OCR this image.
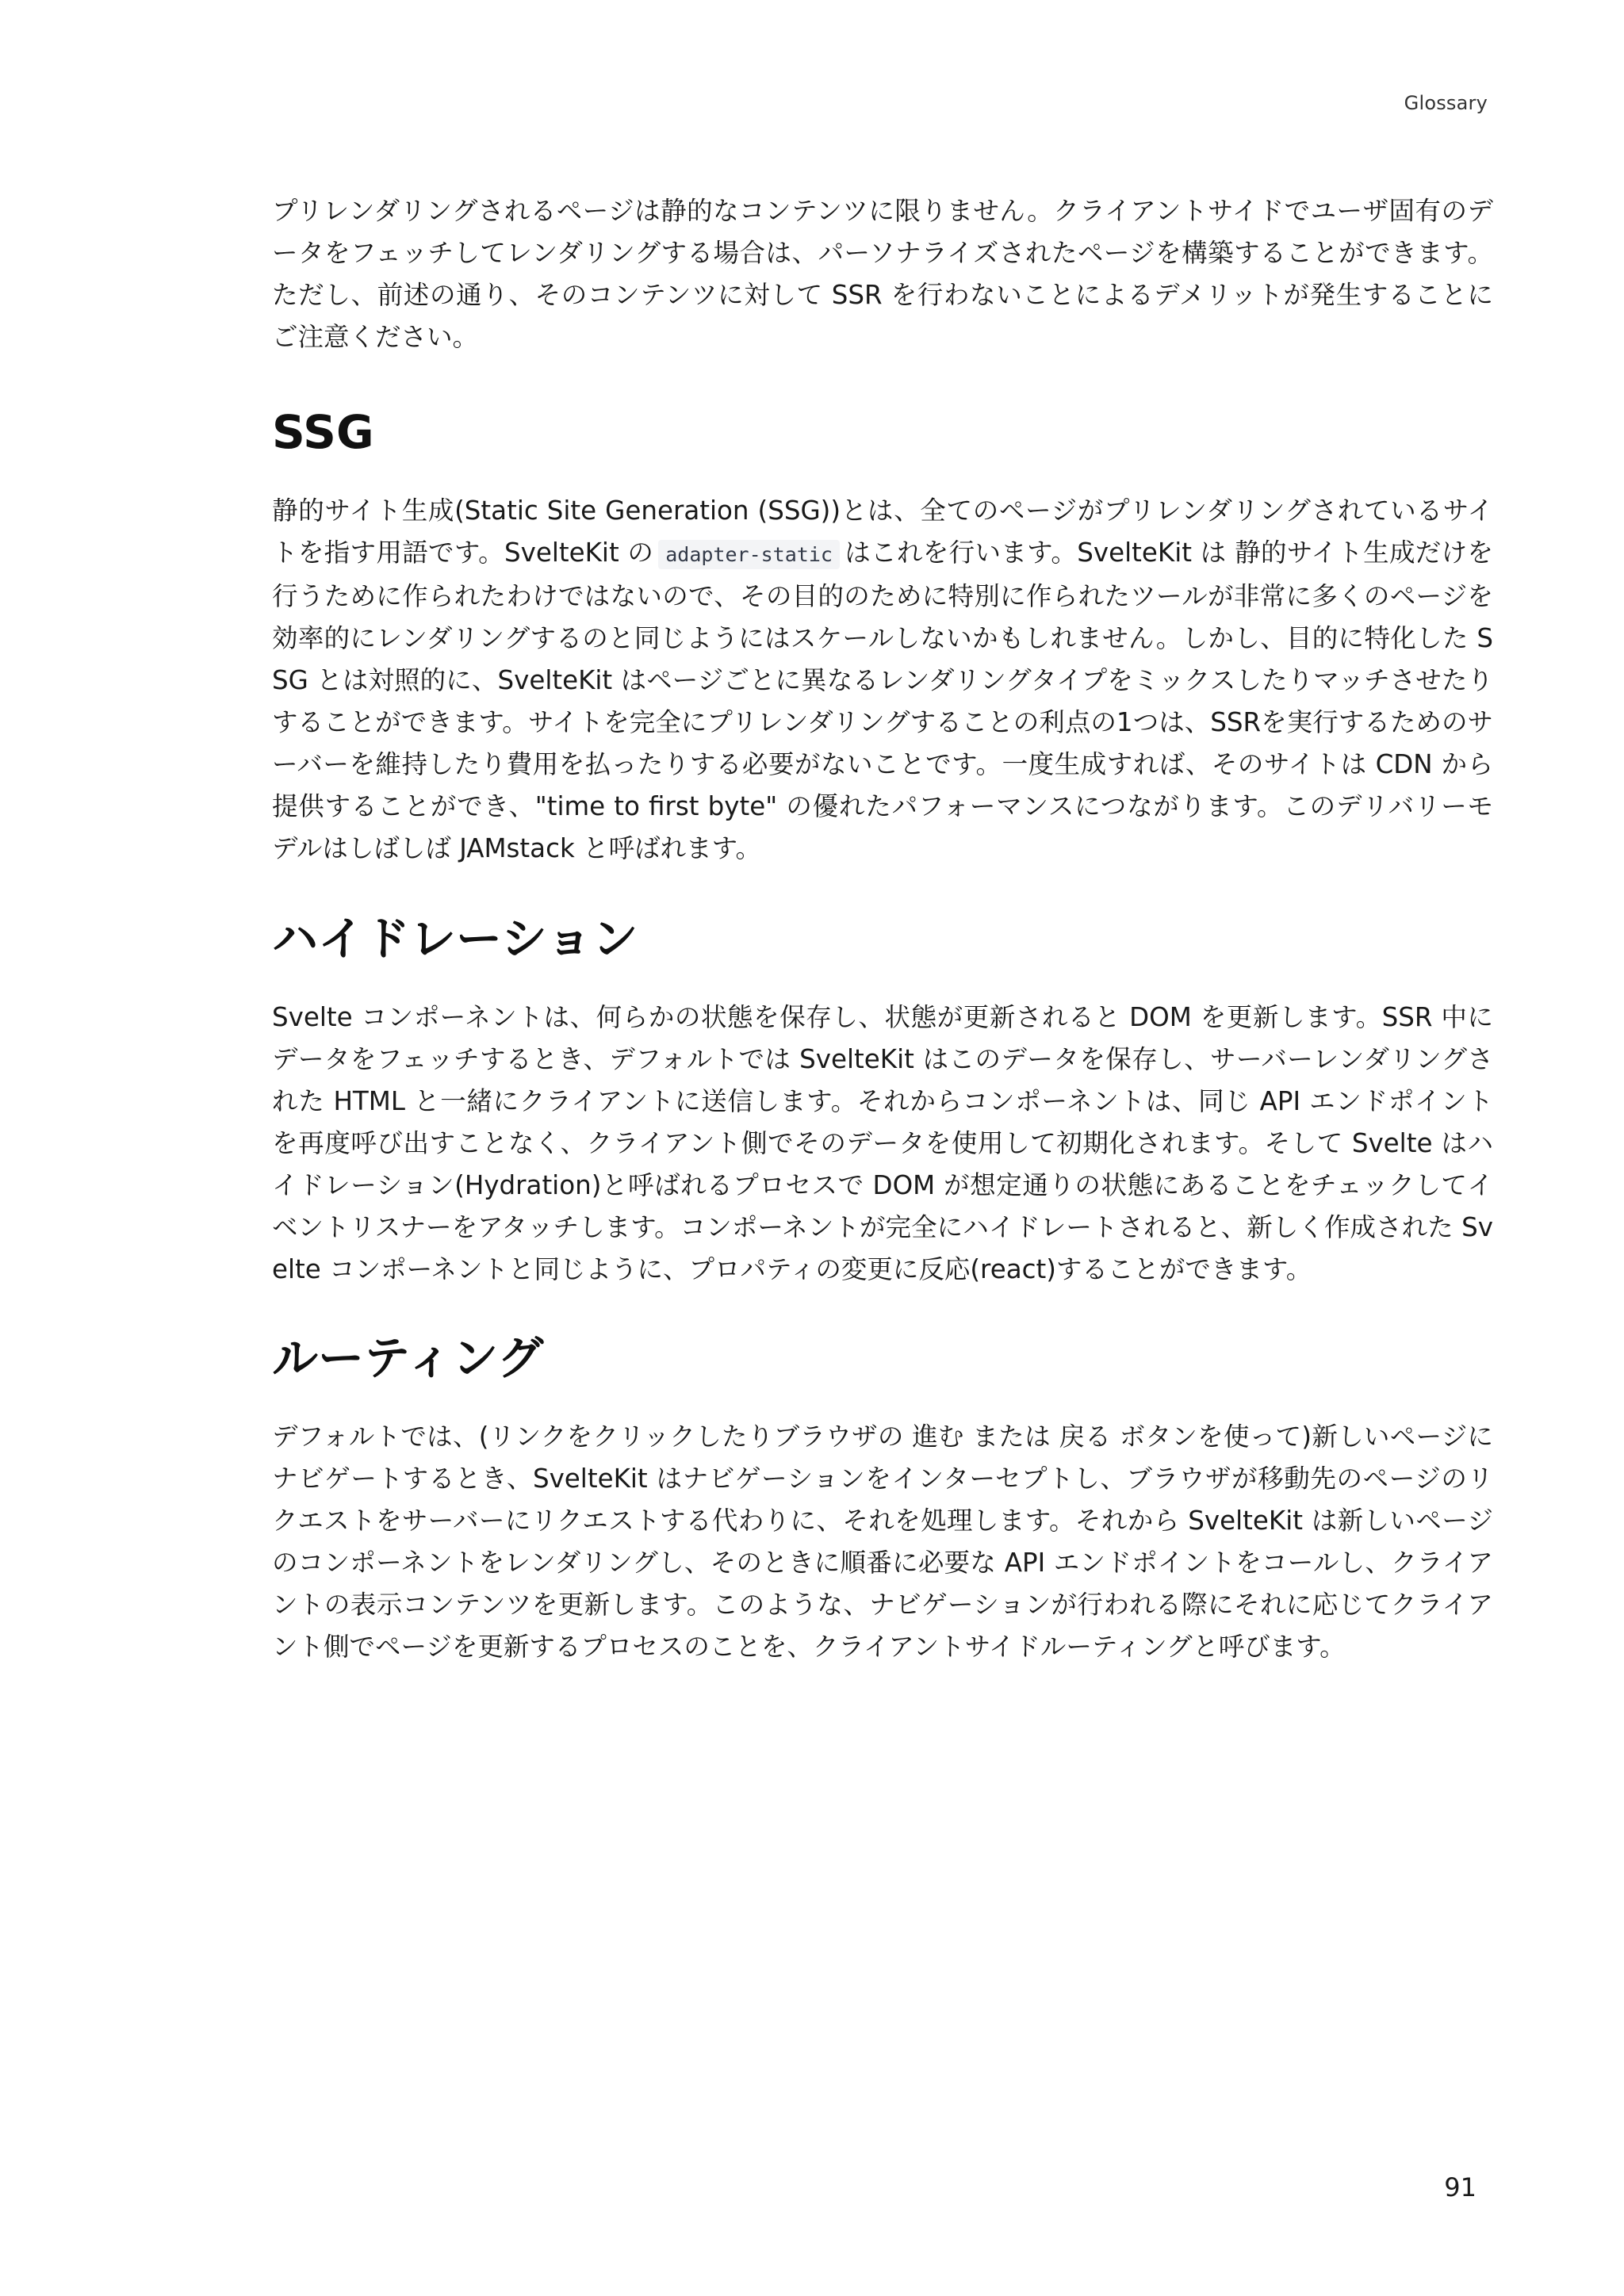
Glossary

プリレンダリングされるページは静的なコンテンツに限りません。クライアントサイドでユーザ固有のデータをフェッチしてレンダリングする場合は、パーソナライズされたページを構築することができます。ただし、前述の通り、そのコンテンツに対して SSR を行わないことによるデメリットが発生することにご注意ください。

SSG

静的サイト生成(Static Site Generation (SSG))とは、全てのページがプリレンダリングされているサイトを指す用語です。SvelteKit の adapter-static はこれを行います。SvelteKit は 静的サイト生成だけを行うために作られたわけではないので、その目的のために特別に作られたツールが非常に多くのページを効率的にレンダリングするのと同じようにはスケールしないかもしれません。しかし、目的に特化した SSG とは対照的に、SvelteKit はページごとに異なるレンダリングタイプをミックスしたりマッチさせたりすることができます。サイトを完全にプリレンダリングすることの利点の1つは、SSRを実行するためのサーバーを維持したり費用を払ったりする必要がないことです。一度生成すれば、そのサイトは CDN から提供することができ、"time to first byte" の優れたパフォーマンスにつながります。このデリバリーモデルはしばしば JAMstack と呼ばれます。

ハイドレーション

Svelte コンポーネントは、何らかの状態を保存し、状態が更新されると DOM を更新します。SSR 中にデータをフェッチするとき、デフォルトでは SvelteKit はこのデータを保存し、サーバーレンダリングされた HTML と一緒にクライアントに送信します。それからコンポーネントは、同じ API エンドポイントを再度呼び出すことなく、クライアント側でそのデータを使用して初期化されます。そして Svelte はハイドレーション(Hydration)と呼ばれるプロセスで DOM が想定通りの状態にあることをチェックしてイベントリスナーをアタッチします。コンポーネントが完全にハイドレートされると、新しく作成された Svelte コンポーネントと同じように、プロパティの変更に反応(react)することができます。

ルーティング

デフォルトでは、(リンクをクリックしたりブラウザの 進む または 戻る ボタンを使って)新しいページにナビゲートするとき、SvelteKit はナビゲーションをインターセプトし、ブラウザが移動先のページのリクエストをサーバーにリクエストする代わりに、それを処理します。それから SvelteKit は新しいページのコンポーネントをレンダリングし、そのときに順番に必要な API エンドポイントをコールし、クライアントの表示コンテンツを更新します。このような、ナビゲーションが行われる際にそれに応じてクライアント側でページを更新するプロセスのことを、クライアントサイドルーティングと呼びます。

91
